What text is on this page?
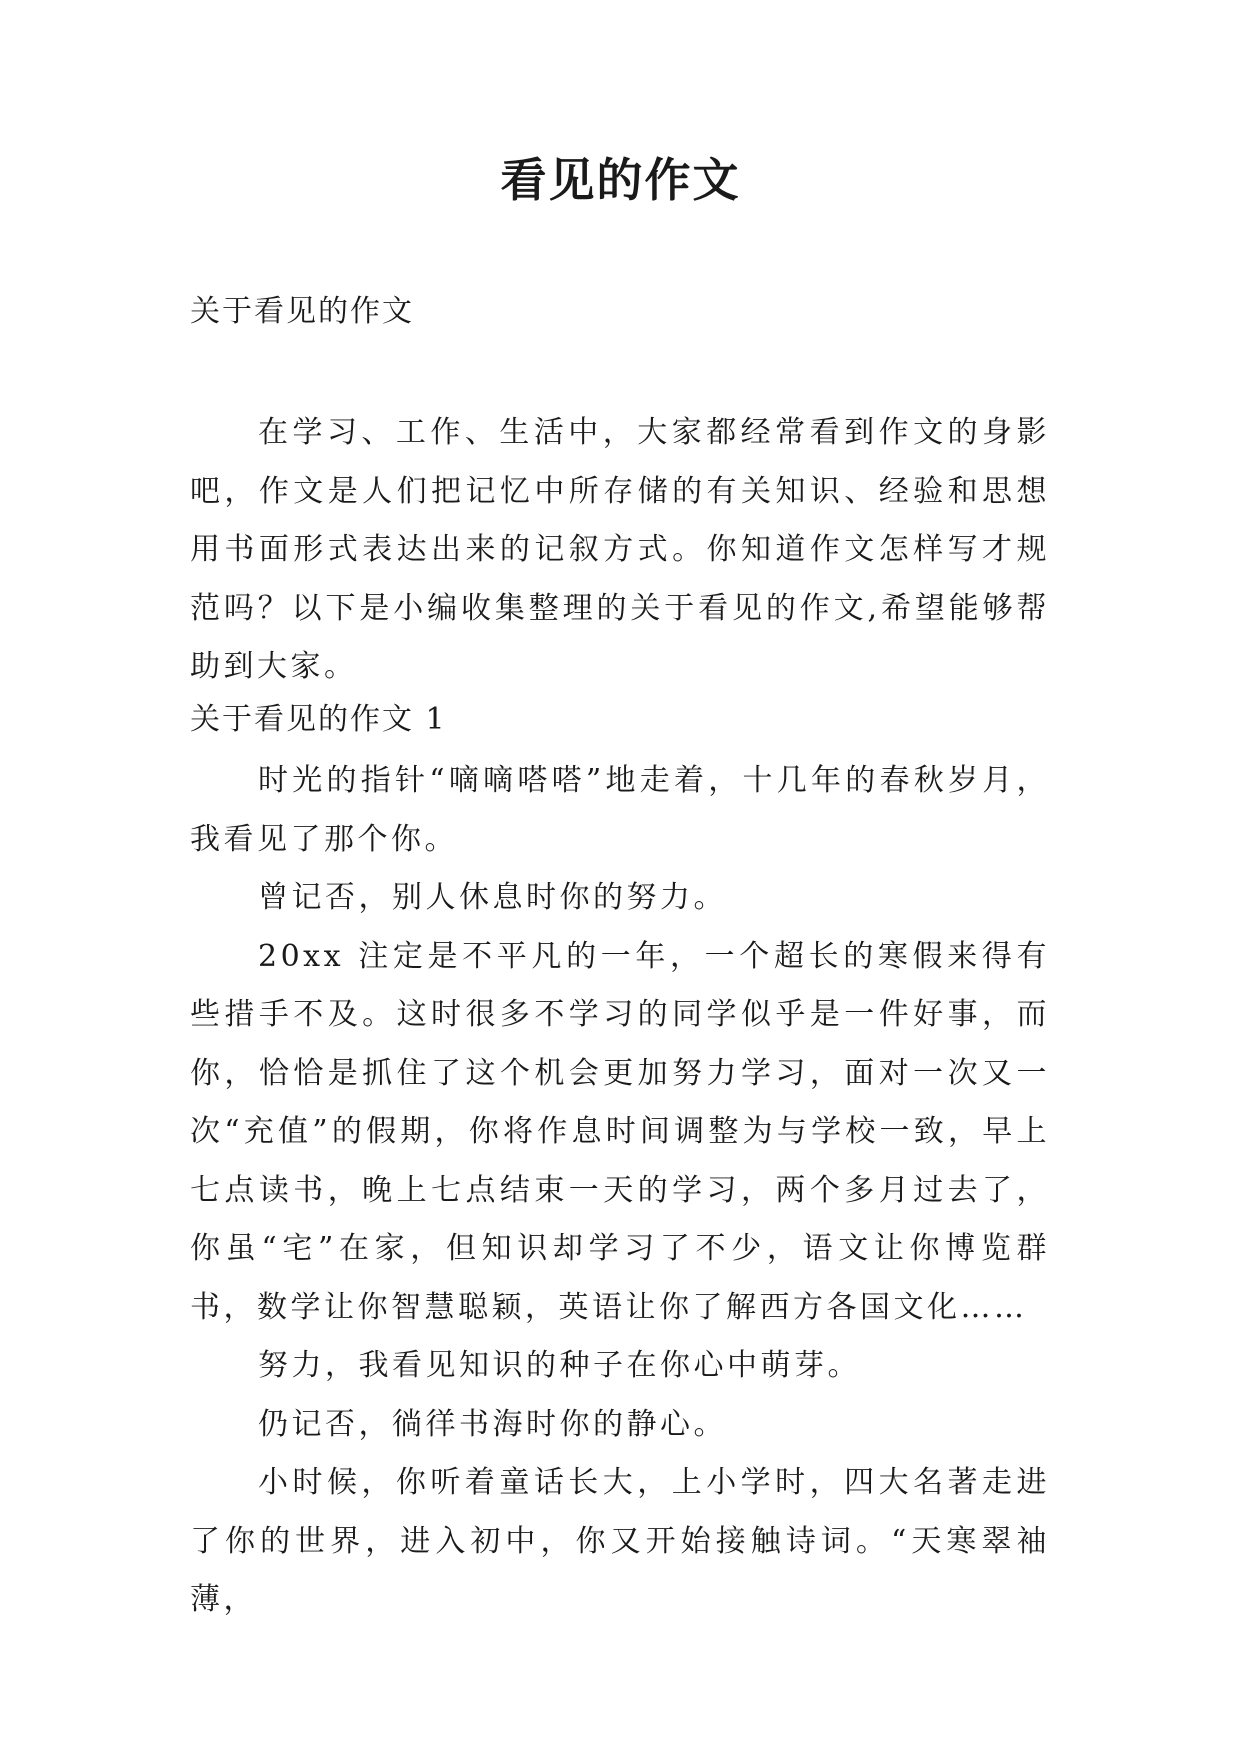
看见的作文
关于看见的作文
在学习、工作、生活中，大家都经常看到作文的身影吧，作文是人们把记忆中所存储的有关知识、经验和思想用书面形式表达出来的记叙方式。你知道作文怎样写才规范吗？以下是小编收集整理的关于看见的作文,希望能够帮助到大家。
关于看见的作文 1

时光的指针“嘀嘀嗒嗒”地走着，十几年的春秋岁月，我看见了那个你。

曾记否，别人休息时你的努力。

20xx 注定是不平凡的一年，一个超长的寒假来得有些措手不及。这时很多不学习的同学似乎是一件好事，而你，恰恰是抓住了这个机会更加努力学习，面对一次又一次“充值”的假期，你将作息时间调整为与学校一致，早上七点读书，晚上七点结束一天的学习，两个多月过去了，你虽“宅”在家，但知识却学习了不少，语文让你博览群书，数学让你智慧聪颖，英语让你了解西方各国文化……

努力，我看见知识的种子在你心中萌芽。

仍记否，徜徉书海时你的静心。

小时候，你听着童话长大，上小学时，四大名著走进了你的世界，进入初中，你又开始接触诗词。“天寒翠袖薄，
